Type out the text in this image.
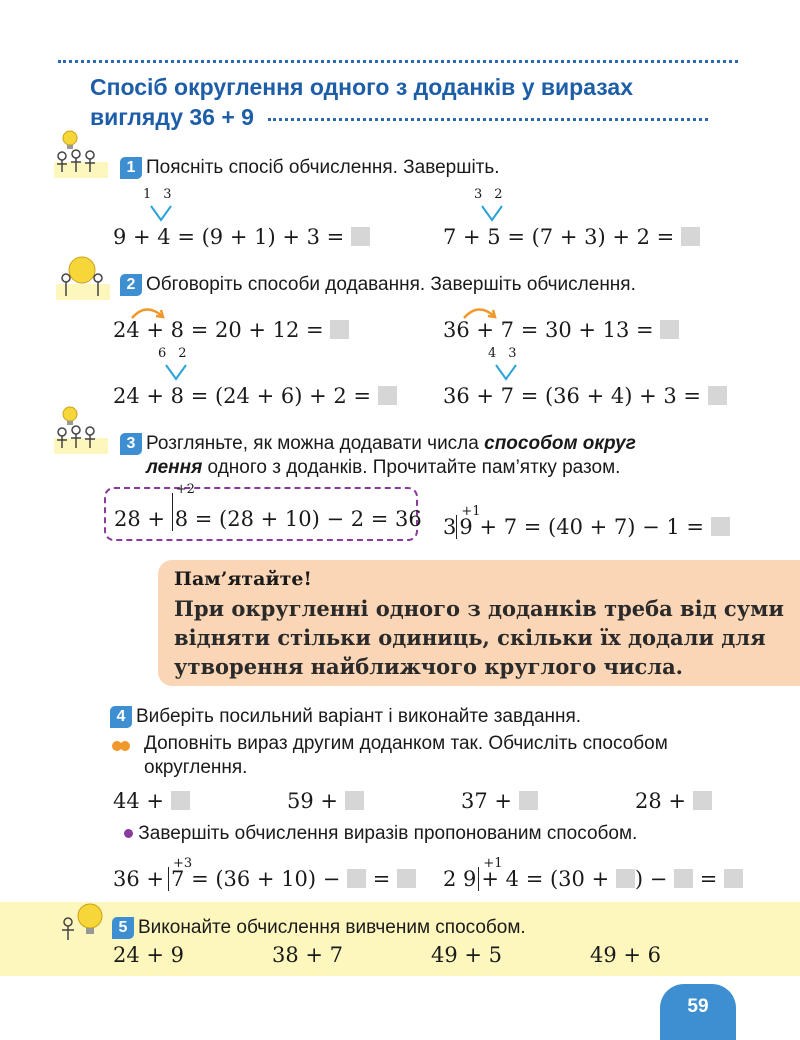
Спосіб округлення одного з доданків у виразах
вигляду 36 + 9
1 Поясніть спосіб обчислення. Завершіть.
1 3
9 + 4 = (9 + 1) + 3 =
3 2
7 + 5 = (7 + 3) + 2 =
2 Обговоріть способи додавання. Завершіть обчислення.
24 + 8 = 20 + 12 =	36 + 7 = 30 + 13 =
6 2
24 + 8 = (24 + 6) + 2 =
4 3
36 + 7 = (36 + 4) + 3 =
3 Розгляньте, як можна додавати числа способом округ
лення одного з доданків. Прочитайте пам’ятку разом.
28 +
+2
8 = (28 + 10) − 2 = 36 3
+1
9 + 7 = (40 + 7) − 1 =
Пам’ятайте!
При округленні одного з доданків треба від суми
відняти стільки одиниць, скільки їх додали для
утворення найближчого круглого числа.
4 Виберіть посильний варіант і виконайте завдання.
Доповніть вираз другим доданком так. Обчисліть способом
округлення.
44 +	59 +	37 +	28 +
Завершіть обчислення виразів пропонованим способом.
36 +
+3
7 = (36 + 10) − =	2 9
+1
+ 4 = (30 + ) − =
5 Виконайте обчислення вивченим способом.
24 + 9	38 + 7	49 + 5	49 + 6
59
